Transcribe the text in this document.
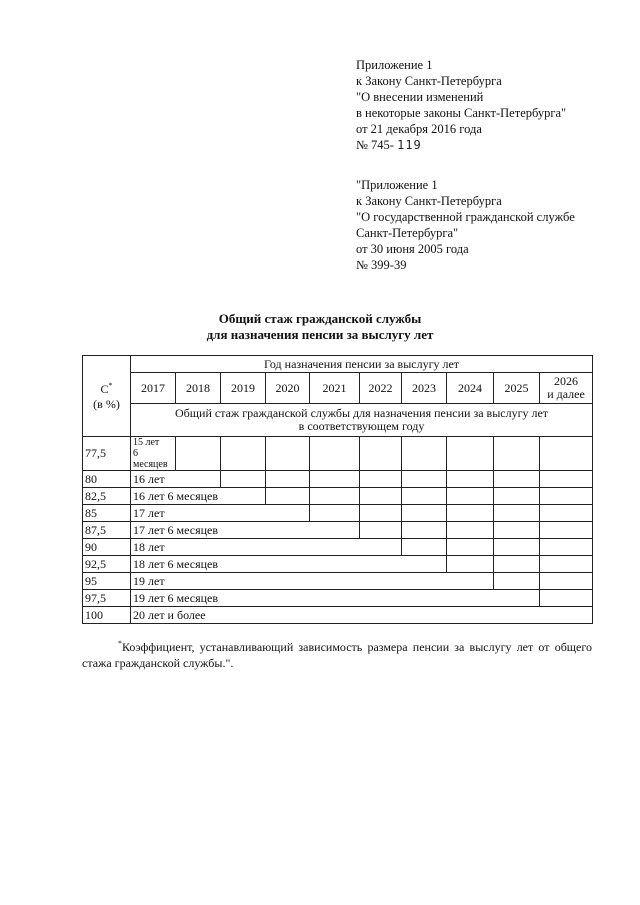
Приложение 1
к Закону Санкт-Петербурга
"О внесении изменений
в некоторые законы Санкт-Петербурга"
от 21 декабря 2016 года
№ 745- 119
"Приложение 1
к Закону Санкт-Петербурга
"О государственной гражданской службе
Санкт-Петербурга"
от 30 июня 2005 года
№ 399-39
Общий стаж гражданской службы
для назначения пенсии за выслугу лет
С*
(в %)	Год назначения пенсии за выслугу лет									
	2017	2018	2019	2020	2021	2022	2023	2024	2025	2026
и далее

	Общий стаж гражданской службы для назначения пенсии за выслугу лет
в соответствующем году									

77,5	15 лет
6 месяцев									

80	16 лет									
82,5	16 лет 6 месяцев									
85	17 лет									
87,5	17 лет 6 месяцев									
90	18 лет									
92,5	18 лет 6 месяцев									
95	19 лет									
97,5	19 лет 6 месяцев									
100	20 лет и более									
*Коэффициент, устанавливающий зависимость размера пенсии за выслугу лет от общего стажа гражданской службы.".
